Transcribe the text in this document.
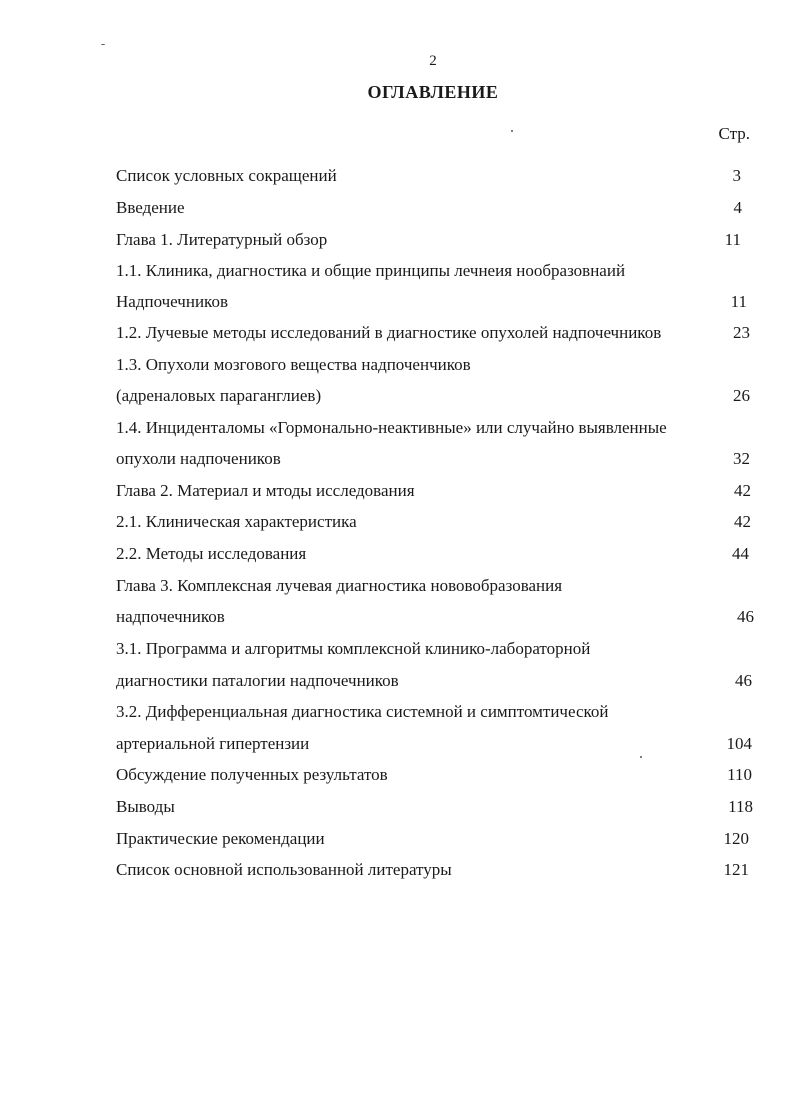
2
ОГЛАВЛЕНИЕ
Стр.
Список условных сокращений	3
Введение	4
Глава 1. Литературный обзор	11
1.1. Клиника, диагностика и общие принципы лечнеия нообразовнаий
Надпочечников	11
1.2. Лучевые методы исследований в диагностике опухолей надпочечников	23
1.3. Опухоли мозгового вещества надпоченчиков
(адреналовых параганглиев)	26
1.4. Инциденталомы «Гормонально-неактивные» или случайно выявленные
опухоли надпочеников	32
Глава 2. Материал и мтоды исследования	42
2.1. Клиническая характеристика	42
2.2. Методы исследования	44
Глава 3. Комплексная лучевая диагностика нововобразования
надпочечников	46
3.1. Программа и алгоритмы комплексной клинико-лабораторной
диагностики паталогии надпочечников	46
3.2. Дифференциальная диагностика системной и симптомтической
артериальной гипертензии	104
Обсуждение полученных результатов	110
Выводы	118
Практические рекомендации	120
Список основной использованной литературы	121
